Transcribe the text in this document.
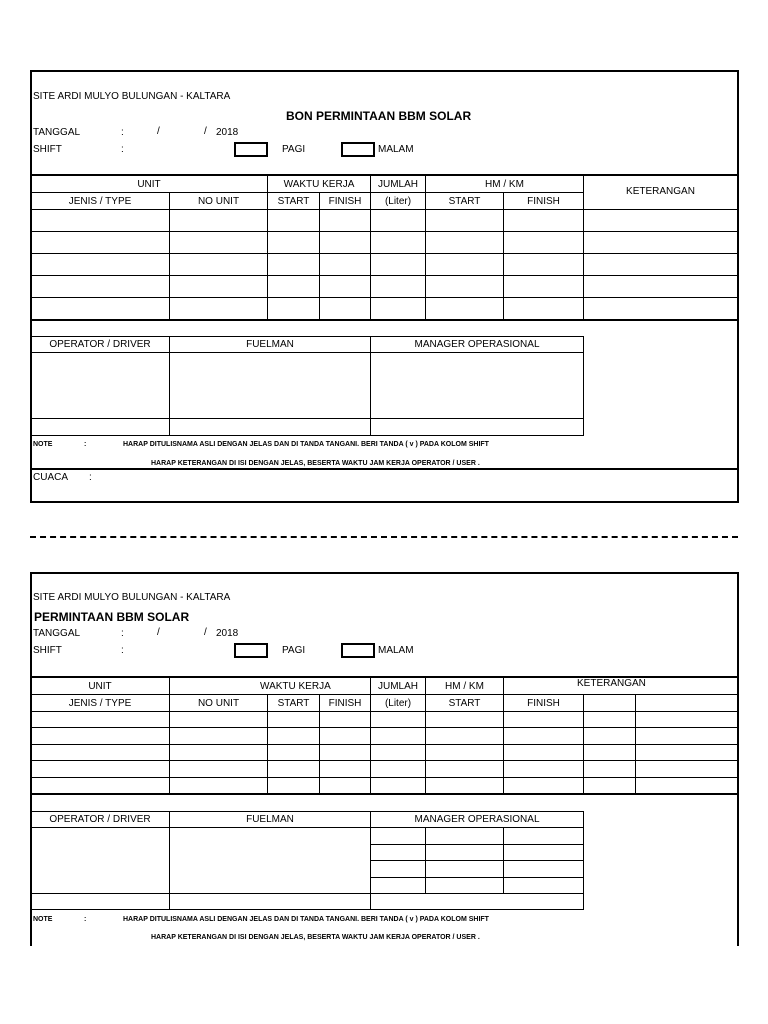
SITE ARDI MULYO BULUNGAN - KALTARA
BON PERMINTAAN BBM SOLAR
TANGGAL	:	/	/ 2018
SHIFT	:	PAGI	MALAM
UNIT	WAKTU KERJA	JUMLAH	HM / KM
KETERANGAN
JENIS / TYPE	NO UNIT	START	FINISH	(Liter)	START	FINISH
OPERATOR / DRIVER	FUELMAN	MANAGER OPERASIONAL
NOTE	:	HARAP DITULISNAMA ASLI DENGAN JELAS DAN DI TANDA TANGANI. BERI TANDA ( v ) PADA KOLOM SHIFT
HARAP KETERANGAN DI ISI DENGAN JELAS, BESERTA WAKTU JAM KERJA OPERATOR / USER .
CUACA :
SITE ARDI MULYO BULUNGAN - KALTARA
PERMINTAAN BBM SOLAR
TANGGAL	:	/	/ 2018
SHIFT	:	PAGI	MALAM
UNIT	WAKTU KERJA	JUMLAH	HM / KM	KETERANGAN
JENIS / TYPE	NO UNIT	START	FINISH	(Liter)	START	FINISH
OPERATOR / DRIVER	FUELMAN	MANAGER OPERASIONAL
NOTE	:	HARAP DITULISNAMA ASLI DENGAN JELAS DAN DI TANDA TANGANI. BERI TANDA ( v ) PADA KOLOM SHIFT
HARAP KETERANGAN DI ISI DENGAN JELAS, BESERTA WAKTU JAM KERJA OPERATOR / USER .
